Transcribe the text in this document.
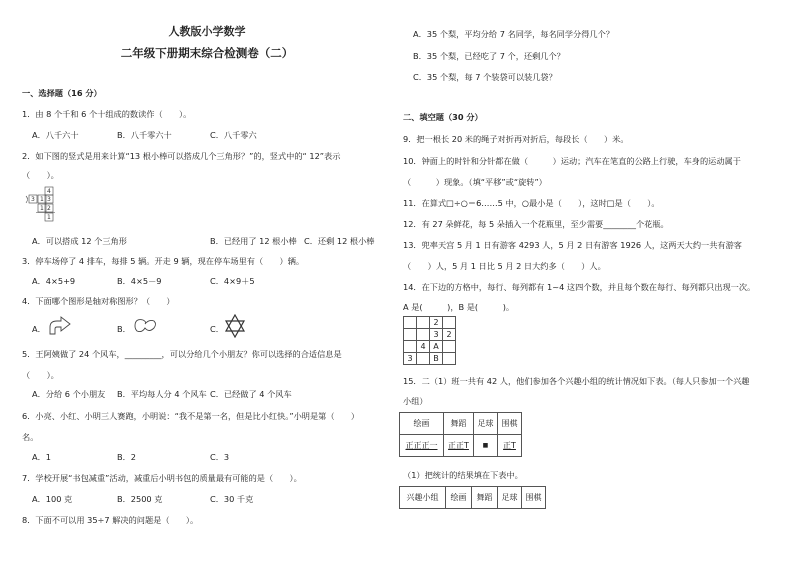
人教版小学数学
二年级下册期末综合检测卷（二）
一、选择题（16 分）
1．由 8 个千和 6 个十组成的数读作（　　）。
A．八千六十	B．八千零六十	C．八千零六
2．如下图的竖式是用来计算“13 根小棒可以搭成几个三角形？”的，竖式中的“ 12”表示
（　　）。
4
3 1 3
1 2
1
A．可以搭成 12 个三角形	B．已经用了 12 根小棒 C．还剩 12 根小棒
3．停车场停了 4 排车，每排 5 辆。开走 9 辆，现在停车场里有（　　）辆。
A．4×5+9	B．4×5－9	C．4×9＋5
4．下面哪个图形是轴对称图形？（　　）
A．	B．	C．
5．王阿姨做了 24 个风车，_________，可以分给几个小朋友？你可以选择的合适信息是
（　　）。
A．分给 6 个小朋友 B．平均每人分 4 个风车 C．已经做了 4 个风车
6．小亮、小红、小明三人赛跑，小明说：“我不是第一名，但是比小红快。”小明是第（　　）
名。
A．1	B．2	C．3
7．学校开展“书包减重”活动，减重后小明书包的质量最有可能的是（　　）。
A．100 克	B．2500 克	C．30 千克
8．下面不可以用 35÷7 解决的问题是（　　）。
A．35 个梨，平均分给 7 名同学，每名同学分得几个？
B．35 个梨，已经吃了 7 个，还剩几个？
C．35 个梨，每 7 个装袋可以装几袋？
二、填空题（30 分）
9．把一根长 20 米的绳子对折再对折后，每段长（　　）米。
10．钟面上的时针和分针都在做（　　　）运动；汽车在笔直的公路上行驶，车身的运动属于
（　　　）现象。（填“平移”或“旋转”）
11．在算式□÷○＝6……5 中，○最小是（　　），这时□是（　　）。
12．有 27 朵鲜花，每 5 朵插入一个花瓶里，至少需要________个花瓶。
13．兜率天宫 5 月 1 日有游客 4293 人，5 月 2 日有游客 1926 人，这两天大约一共有游客
（　　）人，5 月 1 日比 5 月 2 日大约多（　　）人。
14．在下边的方格中，每行、每列都有 1~4 这四个数，并且每个数在每行、每列都只出现一次。
A 是(　　　)，B 是(　　　)。
		2	
		3	2
	4	A	
3		B	
15．二（1）班一共有 42 人，他们参加各个兴趣小组的统计情况如下表。（每人只参加一个兴趣
小组）
绘画	舞蹈	足球	围棋
正正正一	正正T	■	正T
（1）把统计的结果填在下表中。
兴趣小组	绘画	舞蹈	足球	围棋
